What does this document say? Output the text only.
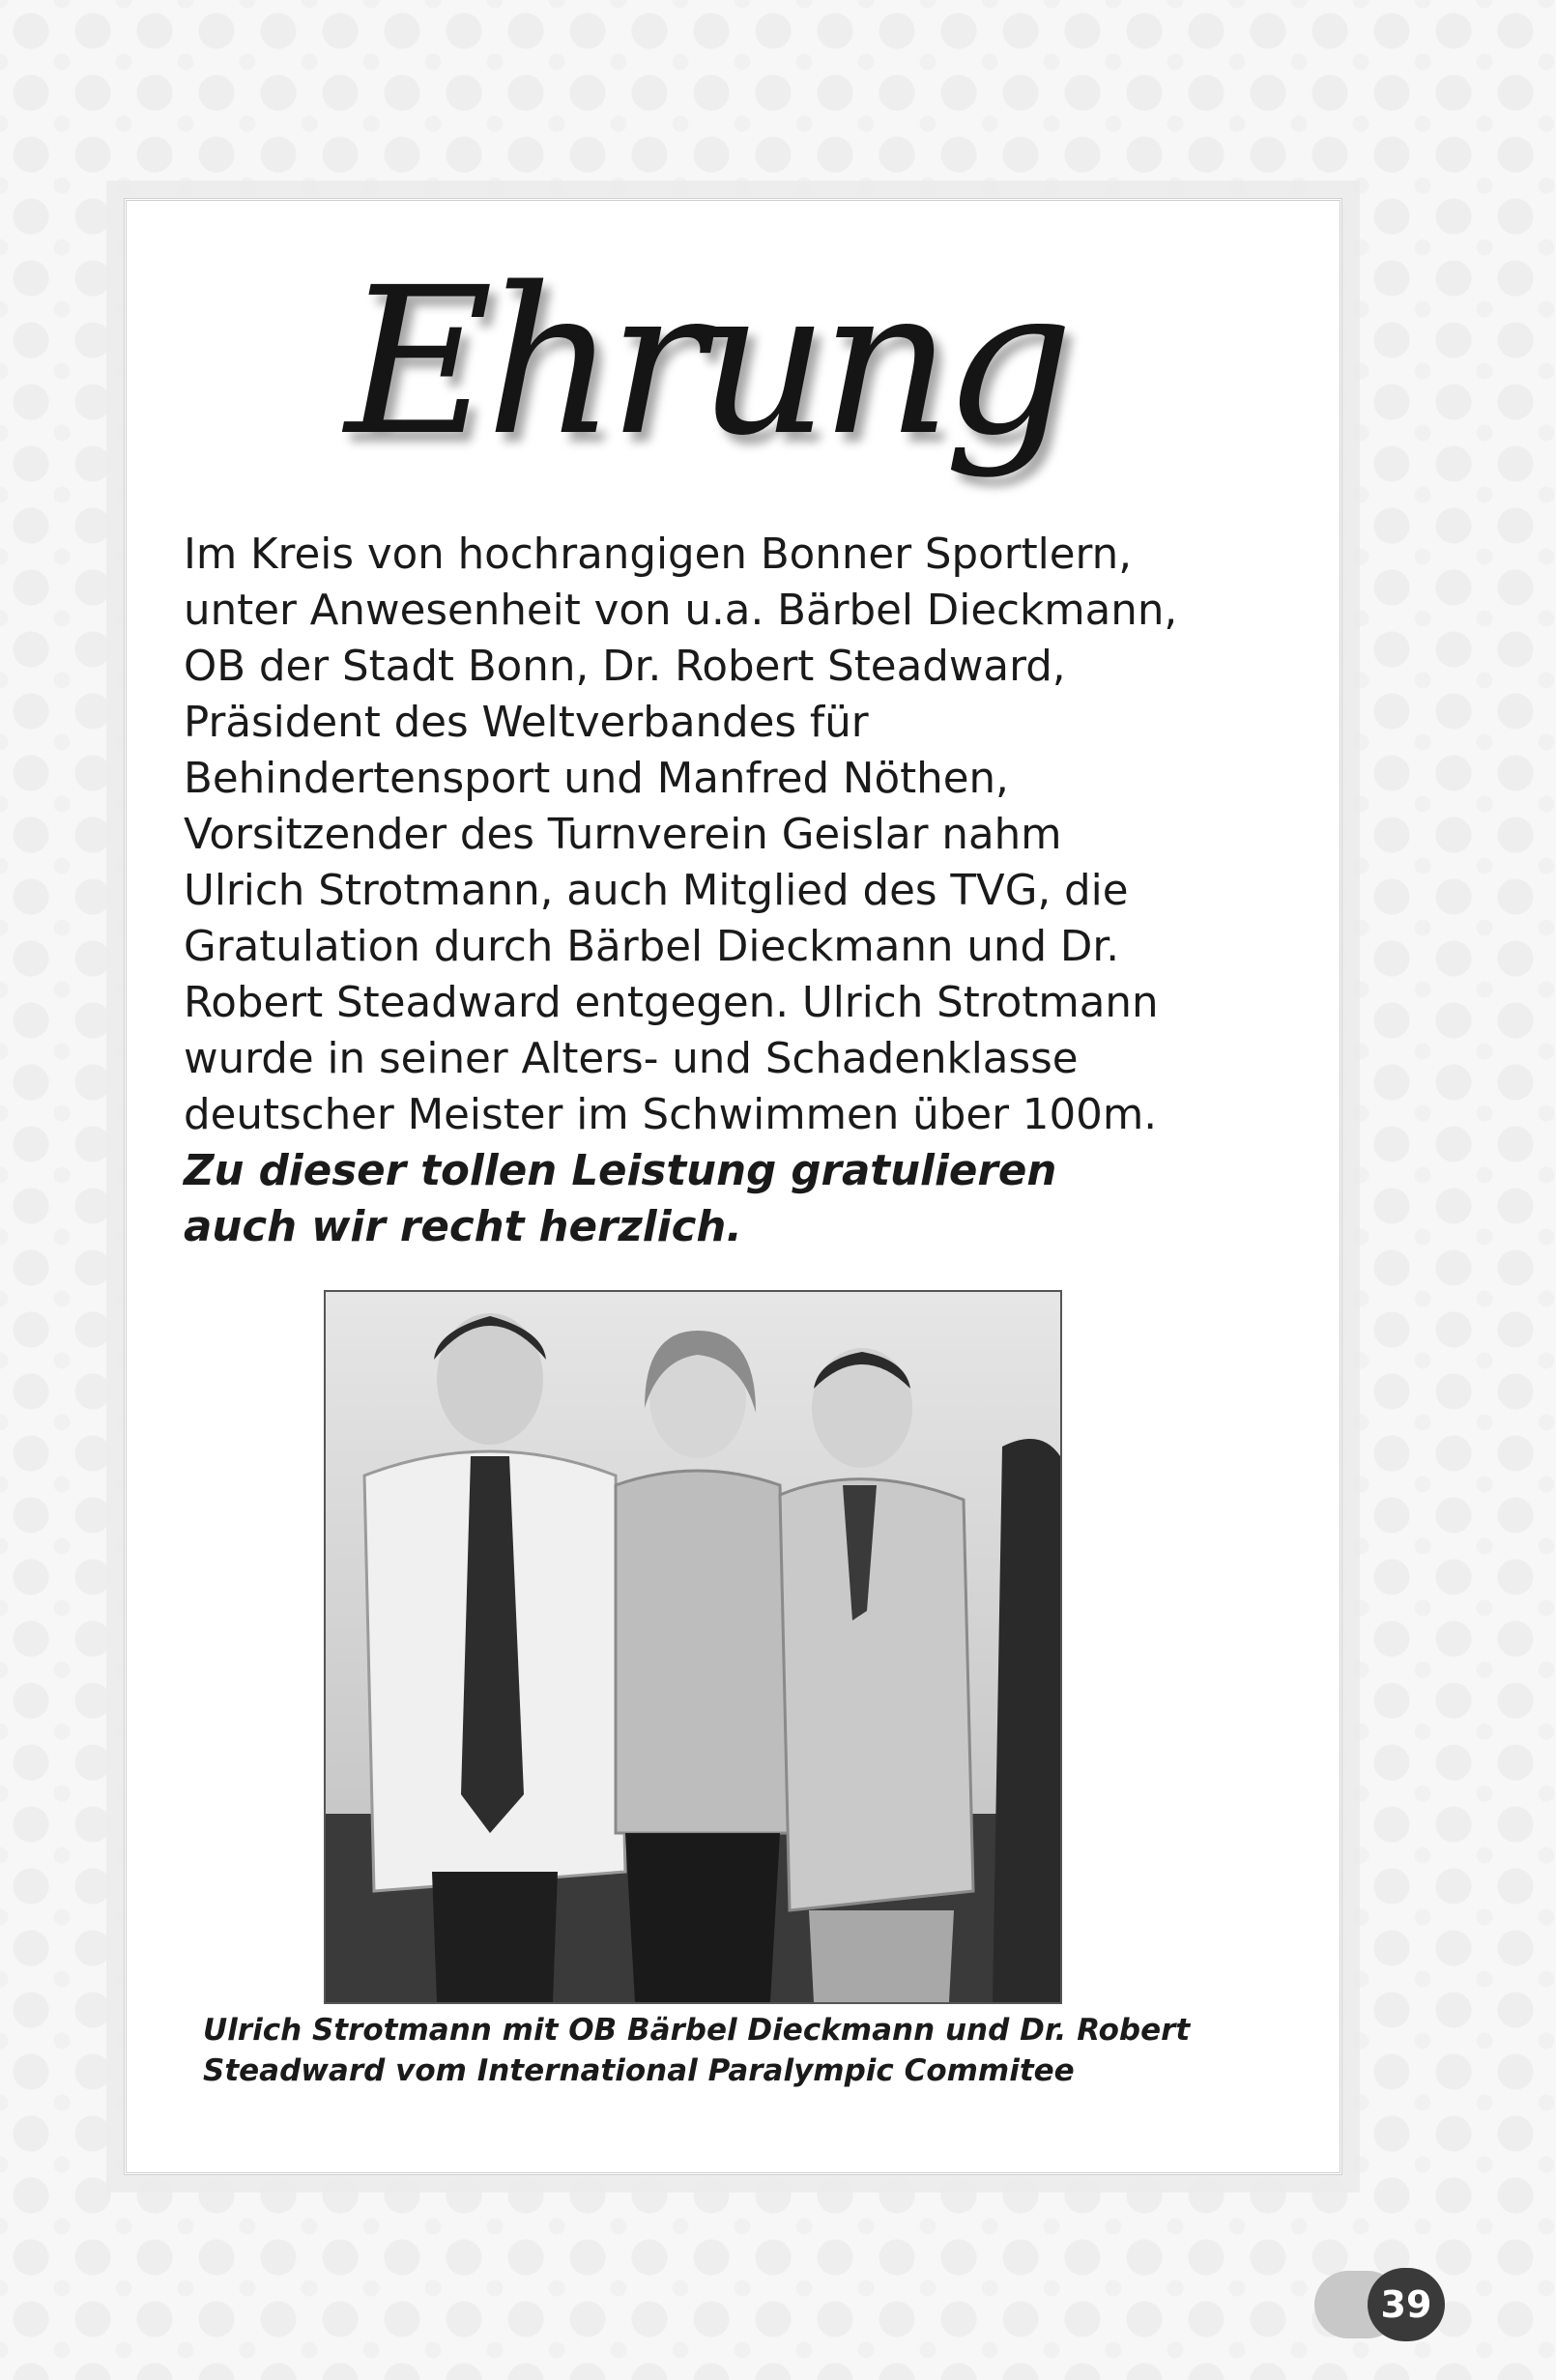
Ehrung
Im Kreis von hochrangigen Bonner Sportlern,
unter Anwesenheit von u.a. Bärbel Dieckmann,
OB der Stadt Bonn, Dr. Robert Steadward,
Präsident des Weltverbandes für
Behindertensport und Manfred Nöthen,
Vorsitzender des Turnverein Geislar nahm
Ulrich Strotmann, auch Mitglied des TVG, die
Gratulation durch Bärbel Dieckmann und Dr.
Robert Steadward entgegen. Ulrich Strotmann
wurde in seiner Alters- und Schadenklasse
deutscher Meister im Schwimmen über 100m.
Zu dieser tollen Leistung gratulieren
auch wir recht herzlich.
Ulrich Strotmann mit OB Bärbel Dieckmann und Dr. Robert
Steadward vom International Paralympic Commitee
39
